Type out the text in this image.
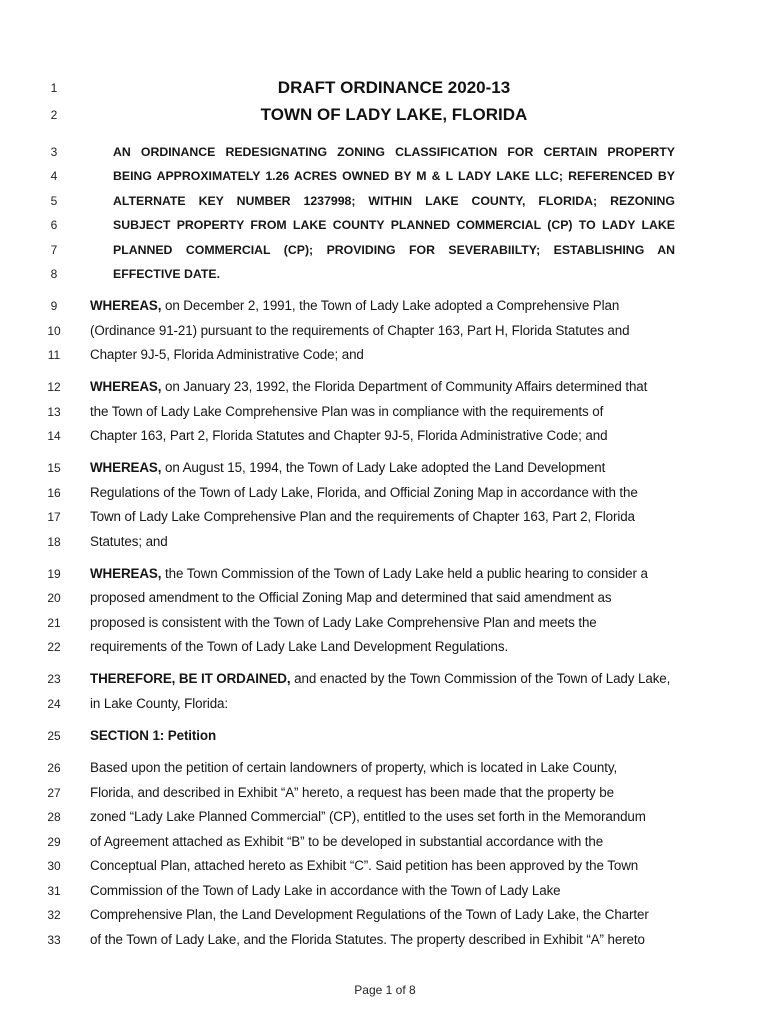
1
2
3
4
5
6
7
8
9
10
11
12
13
14
15
16
17
18
19
20
21
22
23
24
25
26
27
28
29
30
31
32
33
DRAFT ORDINANCE 2020-13
TOWN OF LADY LAKE, FLORIDA
AN ORDINANCE REDESIGNATING ZONING CLASSIFICATION FOR CERTAIN PROPERTY
BEING APPROXIMATELY 1.26 ACRES OWNED BY M & L LADY LAKE LLC; REFERENCED BY
ALTERNATE KEY NUMBER 1237998; WITHIN LAKE COUNTY, FLORIDA; REZONING
SUBJECT PROPERTY FROM LAKE COUNTY PLANNED COMMERCIAL (CP) TO LADY LAKE
PLANNED COMMERCIAL (CP); PROVIDING FOR SEVERABIILTY; ESTABLISHING AN
EFFECTIVE DATE.
WHEREAS, on December 2, 1991, the Town of Lady Lake adopted a Comprehensive Plan
(Ordinance 91-21) pursuant to the requirements of Chapter 163, Part H, Florida Statutes and
Chapter 9J-5, Florida Administrative Code; and
WHEREAS, on January 23, 1992, the Florida Department of Community Affairs determined that
the Town of Lady Lake Comprehensive Plan was in compliance with the requirements of
Chapter 163, Part 2, Florida Statutes and Chapter 9J-5, Florida Administrative Code; and
WHEREAS, on August 15, 1994, the Town of Lady Lake adopted the Land Development
Regulations of the Town of Lady Lake, Florida, and Official Zoning Map in accordance with the
Town of Lady Lake Comprehensive Plan and the requirements of Chapter 163, Part 2, Florida
Statutes; and
WHEREAS, the Town Commission of the Town of Lady Lake held a public hearing to consider a
proposed amendment to the Official Zoning Map and determined that said amendment as
proposed is consistent with the Town of Lady Lake Comprehensive Plan and meets the
requirements of the Town of Lady Lake Land Development Regulations.
THEREFORE, BE IT ORDAINED, and enacted by the Town Commission of the Town of Lady Lake,
in Lake County, Florida:
SECTION 1: Petition
Based upon the petition of certain landowners of property, which is located in Lake County,
Florida, and described in Exhibit “A” hereto, a request has been made that the property be
zoned “Lady Lake Planned Commercial” (CP), entitled to the uses set forth in the Memorandum
of Agreement attached as Exhibit “B” to be developed in substantial accordance with the
Conceptual Plan, attached hereto as Exhibit “C”. Said petition has been approved by the Town
Commission of the Town of Lady Lake in accordance with the Town of Lady Lake
Comprehensive Plan, the Land Development Regulations of the Town of Lady Lake, the Charter
of the Town of Lady Lake, and the Florida Statutes. The property described in Exhibit “A” hereto
Page 1 of 8
